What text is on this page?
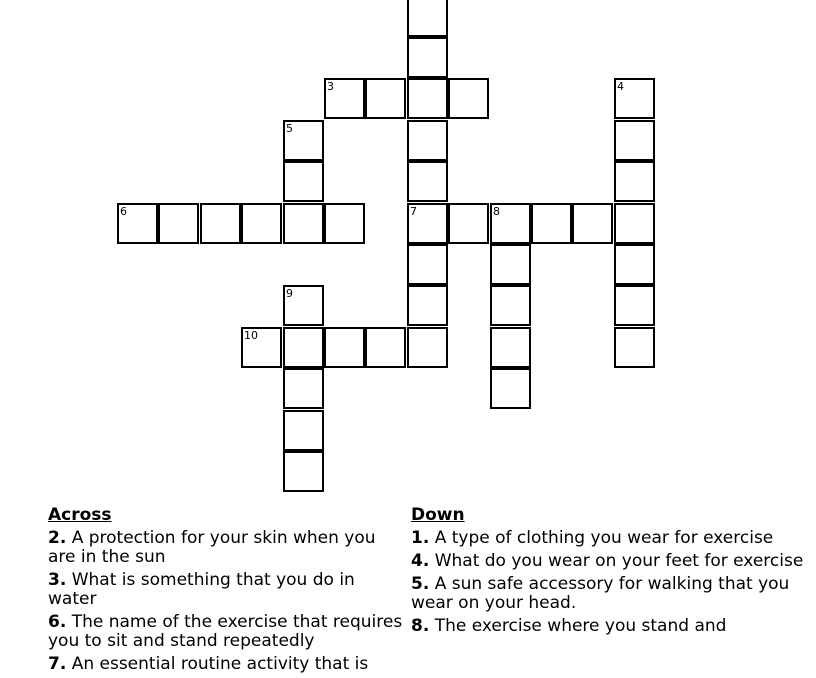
3	4
5
6	7	8
9
10
Across
2. A protection for your skin when you are in the sun
3. What is something that you do in water
6. The name of the exercise that requires you to sit and stand repeatedly
7. An essential routine activity that is
Down
1. A type of clothing you wear for exercise
4. What do you wear on your feet for exercise
5. A sun safe accessory for walking that you wear on your head.
8. The exercise where you stand and
